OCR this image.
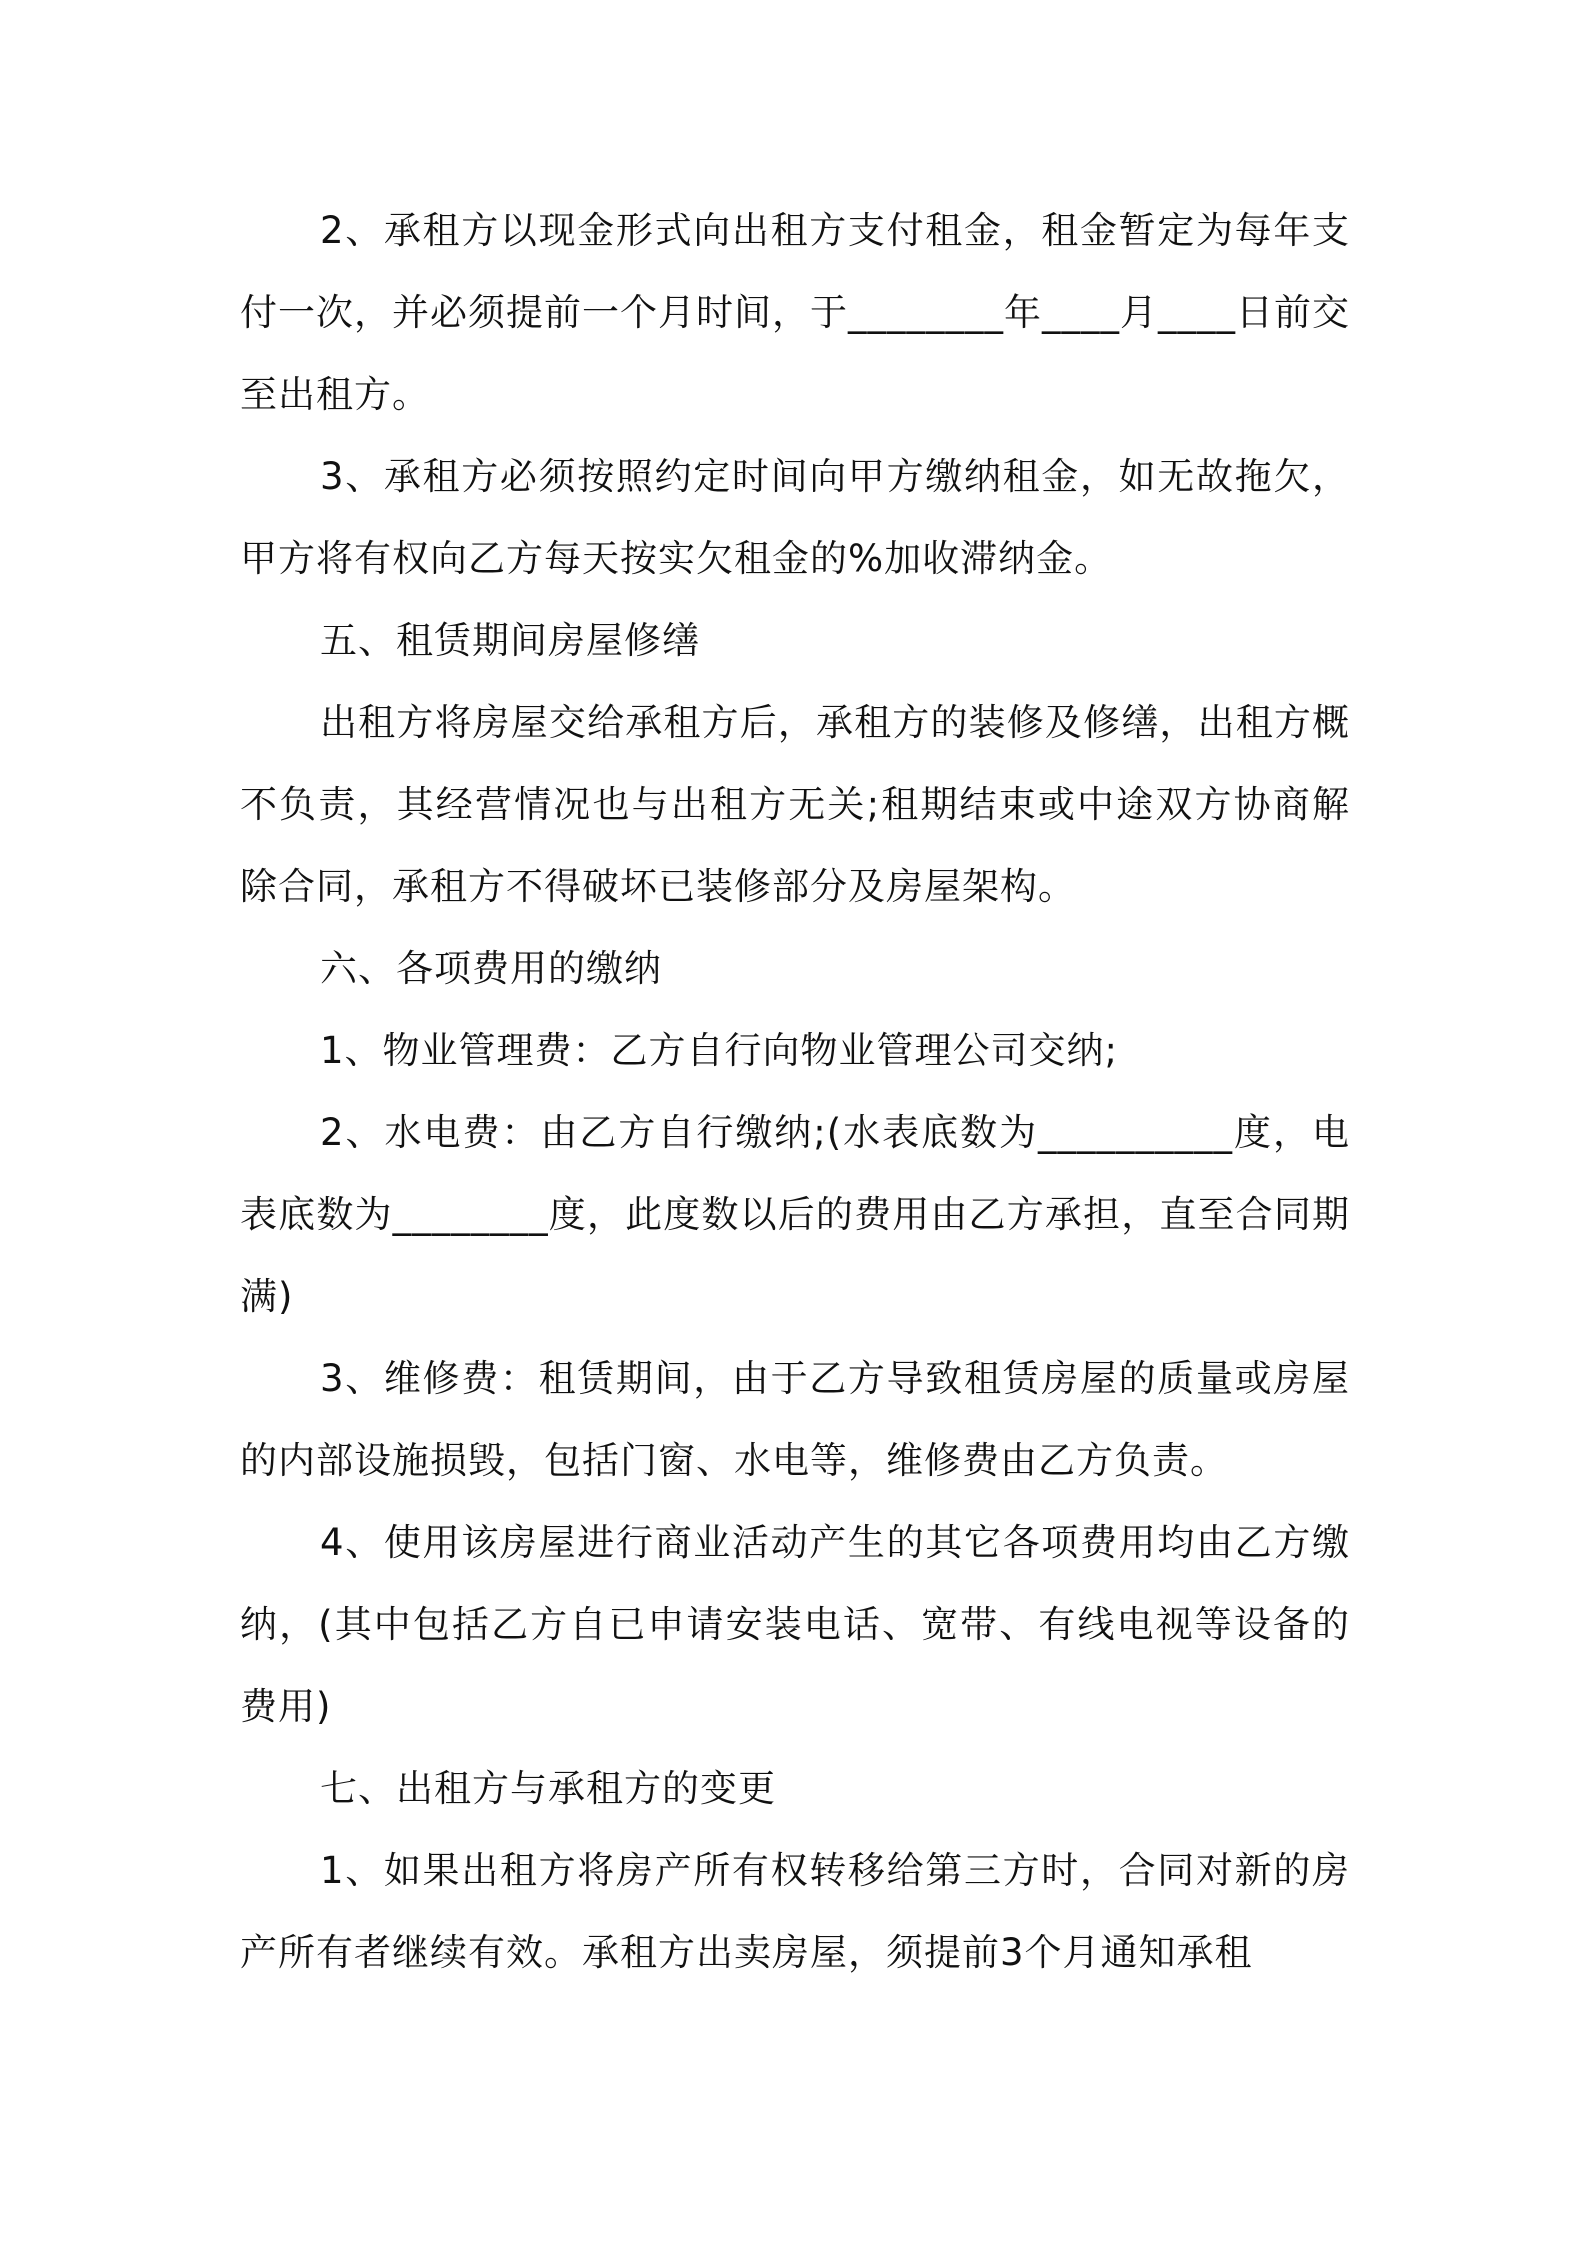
2、承租方以现金形式向出租方支付租金，租金暂定为每年支付一次，并必须提前一个月时间，于________年____月____日前交至出租方。

3、承租方必须按照约定时间向甲方缴纳租金，如无故拖欠，甲方将有权向乙方每天按实欠租金的%加收滞纳金。

五、租赁期间房屋修缮

出租方将房屋交给承租方后，承租方的装修及修缮，出租方概不负责，其经营情况也与出租方无关;租期结束或中途双方协商解除合同，承租方不得破坏已装修部分及房屋架构。

六、各项费用的缴纳

1、物业管理费：乙方自行向物业管理公司交纳;

2、水电费：由乙方自行缴纳;(水表底数为__________度，电表底数为________度，此度数以后的费用由乙方承担，直至合同期满)

3、维修费：租赁期间，由于乙方导致租赁房屋的质量或房屋的内部设施损毁，包括门窗、水电等，维修费由乙方负责。

4、使用该房屋进行商业活动产生的其它各项费用均由乙方缴纳，(其中包括乙方自已申请安装电话、宽带、有线电视等设备的费用)

七、出租方与承租方的变更

1、如果出租方将房产所有权转移给第三方时，合同对新的房产所有者继续有效。承租方出卖房屋，须提前3个月通知承租
